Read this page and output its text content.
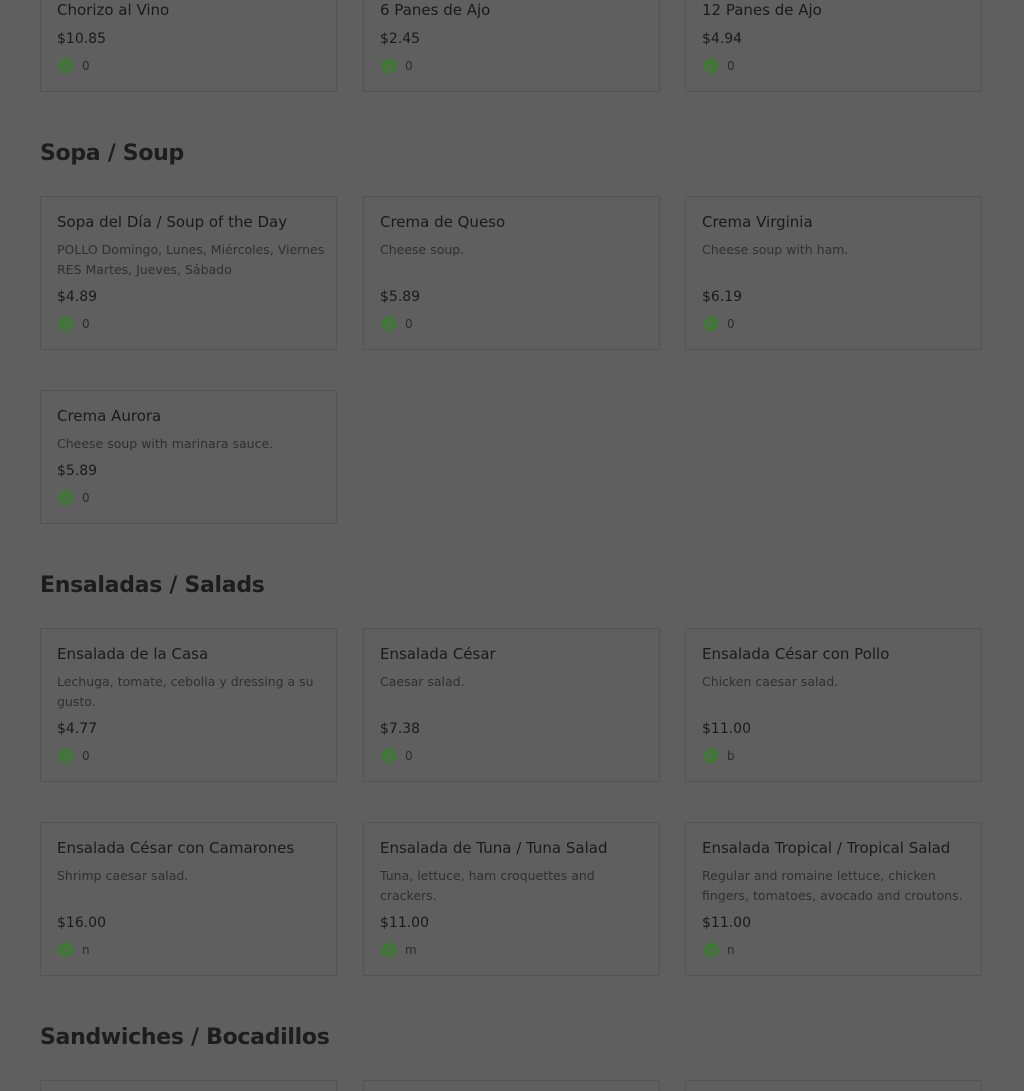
Chorizo al Vino
$10.85
0
6 Panes de Ajo
$2.45
0
12 Panes de Ajo
$4.94
0
Sopa / Soup
Sopa del Día / Soup of the Day
POLLO Domingo, Lunes, Miércoles, Viernes RES Martes, Jueves, Sábado
$4.89
0
Crema de Queso
Cheese soup.
$5.89
0
Crema Virginia
Cheese soup with ham.
$6.19
0
Crema Aurora
Cheese soup with marinara sauce.
$5.89
0
Ensaladas / Salads
Ensalada de la Casa
Lechuga, tomate, cebolla y dressing a su gusto.
$4.77
0
Ensalada César
Caesar salad.
$7.38
0
Ensalada César con Pollo
Chicken caesar salad.
$11.00
b
Ensalada César con Camarones
Shrimp caesar salad.
$16.00
n
Ensalada de Tuna / Tuna Salad
Tuna, lettuce, ham croquettes and crackers.
$11.00
m
Ensalada Tropical / Tropical Salad
Regular and romaine lettuce, chicken fingers, tomatoes, avocado and croutons.
$11.00
n
Sandwiches / Bocadillos
